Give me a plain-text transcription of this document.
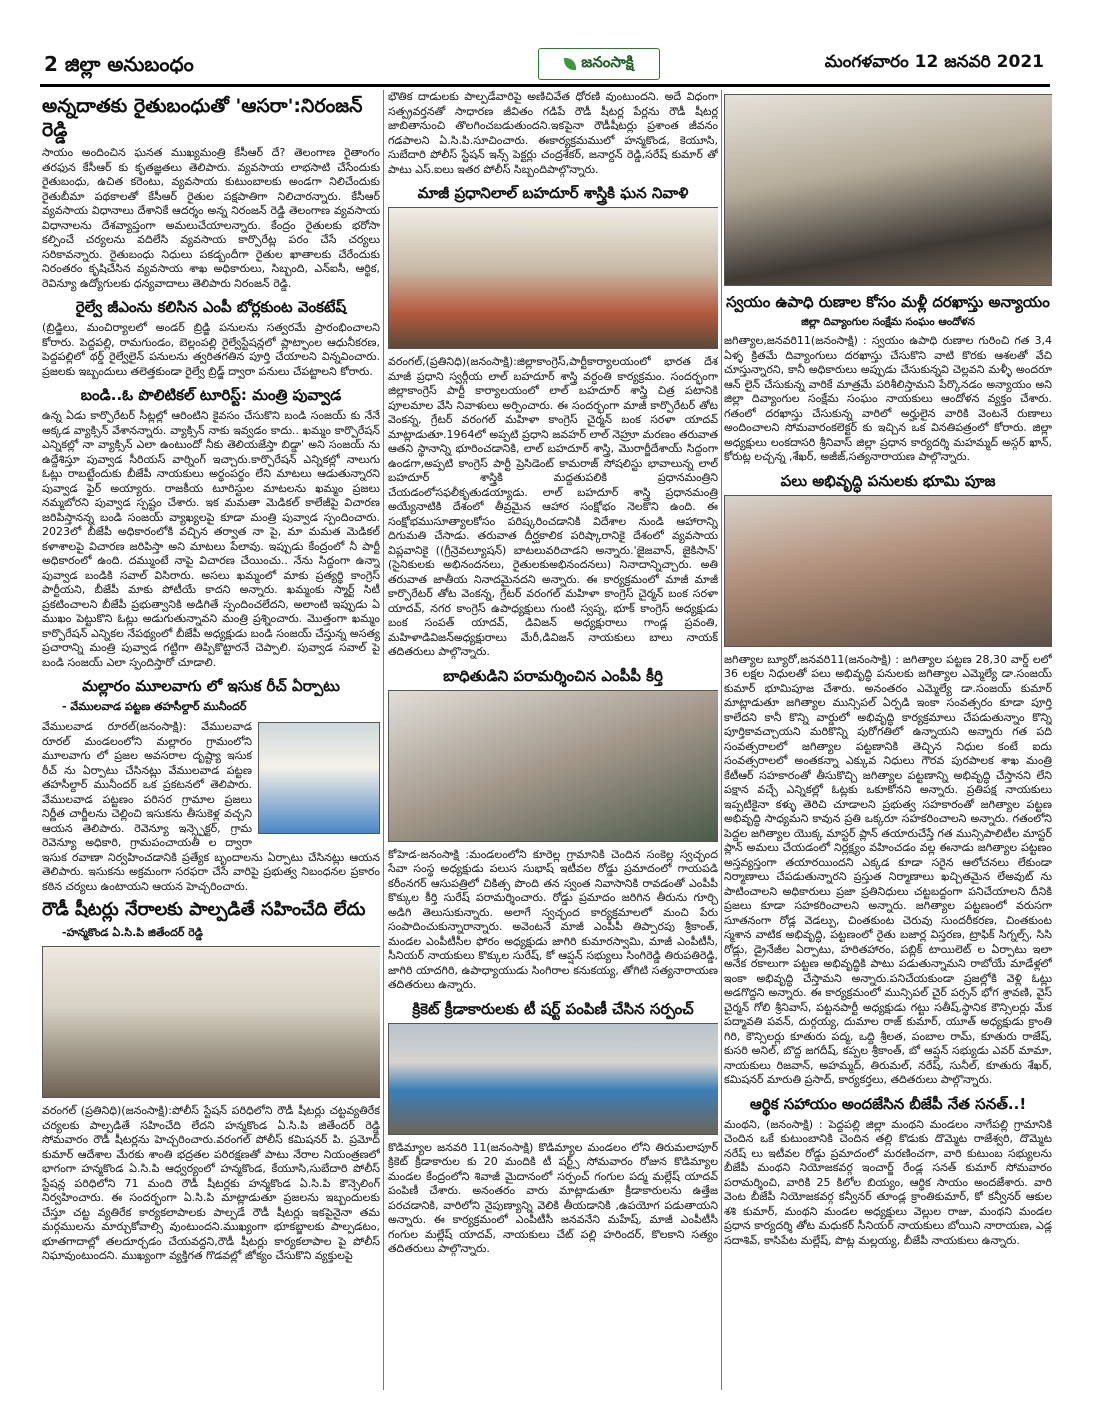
2 జిల్లా అనుబంధం	జనంసాక్షి	మంగళవారం 12 జనవరి 2021
అన్నదాతకు రైతుబంధుతో 'ఆసరా':నిరంజన్ రెడ్డి

సాయం అందించిన ఘనత ముఖ్యమంత్రి కేసీఆర్ దే? తెలంగాణ రైతాంగం తరఫున కేసీఆర్ కు కృతజ్ఞతలు తెలిపారు. వ్యవసాయ లాభసాటి చేసేందుకు రైతుబంధు, ఉచిత కరెంటు, వ్యవసాయ కుటుంబాలకు అండగా నిలిచేందుకు రైతుబీమా పథకాలతో కేసీఆర్ రైతుల పక్షపాతిగా నిలిచారన్నారు. కేసీఆర్ వ్యవసాయ విధానాలు దేశానికే ఆదర్శం అన్న నిరంజన్ రెడ్డి తెలంగాణ వ్యవసాయ విధానాలను దేశవ్యాప్తంగా అమలుచేయాలన్నారు. కేంద్రం రైతులకు భరోసా కల్పించే చర్యలను వదిలేసి వ్యవసాయ కార్పొరేట్ల పరం చేసే చర్యలు సరికావన్నారు. రైతుబంధు నిధులు పకడ్బందీగా రైతుల ఖాతాలకు చేరేందుకు నిరంతరం కృషిచేసిన వ్యవసాయ శాఖ అధికారులు, సిబ్బంది, ఎన్ఐసీ, ఆర్థిక, రెవిన్యూ ఉద్యోగులకు ధన్యవాదాలు తెలిపారు నిరంజన్ రెడ్డి.

రైల్వే జీఎంను కలిసిన ఎంపీ బోర్లకుంట వెంకటేష్

(బ్రిడ్జిలు, మంచిర్యాలలో అండర్ బ్రిడ్జి పనులను సత్వరమే ప్రారంభించాలని కోరారు. పెద్దపల్లి, రామగుండం, బెల్లంపల్లి రైల్వేస్టేషన్లలో ప్లాట్ఫాంల ఆధునీకరణ, పెద్దపల్లిలో థర్డ్ రైల్వేలైన్ పనులను త్వరితగతిన పూర్తి చేయాలని విన్నవించారు. ప్రజలకు ఇబ్బందులు తలెత్తకుండా రైల్వే బ్రిడ్జ్ ద్వారా పనులు చేపట్టాలని కోరారు.

బండి..ఓ పొలిటికల్ టూరిస్ట్: మంత్రి పువ్వాడ

ఉన్న ఏడు కార్పొరేటర్ సీట్లల్లో ఆరింటిని కైవసం చేసుకొని బండి సంజయ్ కు నేనే అక్కడ వ్యాక్సిన్ వేశానన్నారు. వ్యాక్సిన్ నాకు ఇవ్వడం కాదు.. ఖమ్మం కార్పొరేషన్ ఎన్నికల్లో నా వ్యాక్సిన్ ఎలా ఉంటుందో నీకు తెలియజేస్తా బిడ్డా' అని సంజయ్ ను ఉద్దేశిస్తూ పువ్వాడ సీరియస్ వార్నింగ్ ఇచ్చారు.కార్పొరేషన్ ఎన్నికల్లో నాలుగు ఓట్లు రాబట్టేందుకు బీజేపీ నాయకులు అర్థంపర్థం లేని మాటలు ఆడుతున్నారని పువ్వాడ ఫైర్ అయ్యారు. రాజకీయ టూరిస్టుల మాటలను ఖమ్మం ప్రజలు నమ్మబోరని పువ్వాడ స్పష్టం చేశారు. ఇక మమతా మెడికల్ కాలేజీపై విచారణ జరిపిస్తానన్న బండి సంజయ్ వ్యాఖ్యలపై కూడా మంత్రి పువ్వాడ స్పందించారు. 2023లో బీజేపీ అధికారంలోకి వచ్చిన తర్వాత నా పై, మా మమత మెడికల్ కళాశాలపై విచారణ జరిపిస్తా అని మాటలు పేలావు. ఇప్పుడు కేంద్రంలో నీ పార్టీ అధికారంలో ఉంది. దమ్ముంటే నాపై విచారణ చేయించు.. నేను సిద్దంగా ఉన్నా పువ్వాడ బండికి సవాల్ విసిరారు. అసలు ఖమ్మంలో మాకు ప్రత్యర్థి కాంగ్రెస్ పార్టీయని, బీజేపీ మాకు పోటీయే కాదని అన్నారు. ఖమ్మంకు స్మార్ట్ సిటీ ప్రకటించాలని బీజేపీ ప్రభుత్వానికి అడిగితే స్పందించలేదని, అలాంటి ఇప్పుడు ఏ ముఖం పెట్టుకొని ఓట్లు అడుగుతున్నావని మంత్రి ప్రశ్నించారు. మొత్తంగా ఖమ్మం కార్పొరేషన్ ఎన్నికల నేపథ్యంలో బీజేపీ అధ్యక్షుడు బండి సంజయ్ చేస్తున్న అసత్య ప్రచారాన్ని మంత్రి పువ్వాడ గట్టిగా తిప్పికొట్టారనే చెప్పాలి. పువ్వాడ సవాల్ పై బండి సంజయ్ ఎలా స్పందిస్తారో చూడాలి.

మల్లారం మూలవాగు లో ఇసుక రీచ్ ఏర్పాటు
- వేములవాడ పట్టణ తహసీల్దార్ మునీందర్

వేములవాడ రూరల్(జనంసాక్షి): వేములవాడ రూరల్ మండలంలోని మల్లారం గ్రామంలోని మూలవాగు లో ప్రజల అవసరాల దృష్ట్యా ఇసుక రీచ్ ను ఏర్పాటు చేసినట్లు వేములవాడ పట్టణ తహసీల్దార్ మునీందర్ ఒక ప్రకటనలో తెలిపారు. వేములవాడ పట్టణం పరిసర గ్రామాల ప్రజలు నిర్ణీత చార్జీలను చెల్లించి ఇసుకను తీసుకెళ్ల వచ్చని ఆయన తెలిపారు. రెవెన్యూ ఇన్స్పెక్టర్, గ్రామ రెవెన్యూ అధికారి, గ్రామపంచాయతీ ల ద్వారా ఇసుక రవాణా నిర్వహించడానికి ప్రత్యేక బృందాలను ఏర్పాటు చేసినట్లు ఆయన తెలిపారు. ఇసుకను అక్రమంగా సరఫరా చేసే వారిపై ప్రభుత్వ నిబంధనల ప్రకారం కఠిన చర్యలు ఉంటాయని ఆయన హెచ్చరించారు.

రౌడీ షీటర్లు నేరాలకు పాల్పడితే సహించేది లేదు
-హన్మకొండ ఏ.సి.పి జితేందర్ రెడ్డి

వరంగల్ (ప్రతినిధి)(జనంసాక్షి):పోలీస్ స్టేషన్ పరిధిలోని రౌడీ షీటర్లు చట్టవ్యతిరేక చర్యలకు పాల్పడితే సహించేది లేదని హన్మకొండ ఏ.సి.పి జితేందర్ రెడ్డి సోమవారం రౌడీ షీటర్లను హెచ్చరించారు.వరంగల్ పోలీస్ కమిషనర్ పి. ప్రమోద్ కుమార్ ఆదేశాల మేరకు శాంతి భద్రతల పరిరక్షణతో పాటు నేరాల నియంత్రణలో భాగంగా హన్మకొండ ఏ.సి.పి ఆధ్వర్యంలో హన్మకొండ, కేయూసి,సుబేదారి పోలీస్ స్టేషన్ల పరిధిలోని 71 మంది రౌడీ షీటర్లకు హన్మకొండ ఏ.సి.పి కౌన్సెలింగ్ నిర్వహించారు. ఈ సందర్భంగా ఏ.సి.పి మాట్లాడుతూ ప్రజలను ఇబ్బందులకు చేస్తూ చట్ట వ్యతిరేక కార్యకలాపాలకు పాల్పడే రౌడీ షీటర్లు ఇకపైనైనా తమ మర్గములను మార్చుకోవాల్సి వుంటుందని.ముఖ్యంగా భూకబ్జాలకు పాల్పడటం, భూతగాదాల్లో తలదూర్చడం చేయవద్దని,రౌడీ షీటర్లు కార్యకలాపాల పై పోలీస్ నిఘావుంటుందని. ముఖ్యంగా వ్యక్తిగత గొడవల్లో జోక్యం చేసుకొని వ్యక్తులపై

భౌతిక దాడులకు పాల్పడేవారిపై అణిచివేత ధోరణి వుంటుందని. అదే విధంగా సత్ప్రవర్తనతో సాధారణ జీవితం గడిపే రౌడీ షీటర్ల పేర్లను రౌడీ షీటర్ల జాబితానుంచి తొలగించబడుతుందని.ఇకపైనా రౌడీషీటర్లు ప్రశాంత జీవనం గడపాలని ఏ.సి.పి.సూచించారు. ఈకార్యక్రమములో హన్మకొండ, కెయూసి, సుబేదారి పోలీస్ స్టేషన్ ఇన్స్ పెక్టర్లు చంద్రశేకర్, జనార్దన్ రెడ్డి,సరేష్ కుమార్ తో పాటు ఎస్.ఐలు ఇతర పోలీస్ సిబ్బందిపాల్గొన్నారు.

మాజీ ప్రధానిలాల్ బహదూర్ శాస్త్రికి ఘన నివాళి

వరంగల్,(ప్రతినిధి)(జనంసాక్షి):జిల్లాకాంగ్రెస్,పార్టీకార్యాలయంలో భారత దేశ మాజీ ప్రధాని స్వర్గీయ లాల్ బహదూర్ శాస్త్రి వర్ధంతి కార్యక్రమం. సందర్భంగా జిల్లాకాంగ్రెస్ పార్టీ కార్యాలయంలో లాల్ బహదూర్ శాస్త్రి చిత్ర పటానికి పూలమాల వేసి నివాళులు అర్పించారు. ఈ సందర్భంగా మాజీ కార్పొరేటర్ తోట వెంకన్న, గ్రేటర్ వరంగల్ మహిళా కాంగ్రెస్ చైర్మన్ బంక సరళా యాదవ్ మాట్లాడుతూ.1964లో అప్పటి ప్రధాని జవహర్ లాల్ నెహ్రూ మరణం తరువాత ఆతని స్థానాన్ని భూరించడానికి, లాల్ బహదూర్ శాస్త్రి, మొరార్జీదేశాయ్ సిద్దంగా ఉండగా,అప్పటి కాంగ్రెస్ పార్టీ ప్రెసిడెంట్ కామరాజ్ సోషలిస్టు భావాలున్న లాల్ బహదూర్ శాస్త్రికి మద్దతుపలికి ప్రధానమంత్రిని చేయడంలోసఫలీకృతుడయ్యాడు. లాల్ బహదూర్ శాస్త్రి ప్రధానమంత్రి అయ్యేనాటికి దేశంలో తీవ్రమైన ఆహార సంక్షోభం నెలకొని ఉంది. ఈ సంక్షోభముసూత్యాలకోసం పరిష్కరించడానికి విదేశాల నుండి ఆహారాన్ని దిగుమతి చేసాడు. తరువాత దీర్ఘకాలిక పరిష్కారానికై దేశంలో వ్యవసాయ విప్లవానికై ((గ్రీన్రెవల్యూషన్) బాటలువరిచాడని అన్నారు.'జైజవాన్, జైకిసాన్' (సైనికులకు అభినందనలు, రైతులకుఅభినందనలు) నినాదాన్నిచ్చారు. అతి తరువాత జాతీయ నినాదమైనదని అన్నారు. ఈ కార్యక్రమంలో మాజీ మాజీ కార్పొరేటర్ తోట వెంకన్న, గ్రేటర్ వరంగల్ మహిళా కాంగ్రెస్ చైర్మన్ బంక సరళా యాదవ్, నగర కాంగ్రెస్ ఉపాధ్యక్షులు గుంటి స్వప్న, భూక్ కాంగ్రెస్ అధ్యక్షుడు బంక సంపత్ యాదవ్, డివిజన్ అధ్యక్షురాలు గాండ్ల ప్రవంతి, మహిళాడివిజన్అధ్యక్షురాలు మేరీ,డివిజన్ నాయకులు బాలు నాయక్ తదితరులు పాల్గొన్నారు.

బాధితుడిని పరామర్శించిన ఎంపీపీ కీర్తి

కోహెడ-జనంసాక్షి :మండలంలోని కూరెల్ల గ్రామానికి చెందిన సంకెల్ల స్వచ్ఛంద సేవా సంస్థ అధ్యక్షుడు పలుస సుభాష్ ఇటీవల రోడ్డు ప్రమాదంలో గాయపడి కరీంనగర్ ఆసుపత్రిలో చికిత్స పొంది తన స్వంత నివాసానికి రావడంతో ఎంపీపీ కొక్కుల కీర్తి సురేష్ పరామర్శించారు. రోడ్డు ప్రమాదం జరిగిన తీరును గూర్చి అడిగి తెలుసుకున్నారు. అలాగే స్వచ్ఛంద కార్యక్రమాలలో మంచి పేరు సంపాదించుకున్నారాన్నారు. అవెంటనే మాజీ ఎంపీపీ తిప్పారపు శ్రీకాంత్, మండల ఎంపీటీసీల ఫోరం అధ్యక్షుడు జాగిరి కుమారస్వామి, మాజీ ఎంపీటీసీ, సీనియర్ నాయకులు కొక్కుల సురేష్, కో ఆప్షన్ సభ్యులు సింగిరెడ్డి తిరుపతిరెడ్డి, జాగిరి యాదగిరి, ఉపాధ్యాయుడు సింగిరాల కనుకయ్య, తోగిటి సత్యనారాయణ తదితరులు ఉన్నారు.

క్రికెట్ క్రీడాకారులకు టీ షర్ట్ పంపిణీ చేసిన సర్పంచ్

కొడిమ్యాల జనవరి 11(జనంసాక్షి) కొడిమ్యాల మండలం లోని తిరుమలాపూర్ క్రికెట్ క్రీడాకారుల కు 20 మందికి టీ షర్ట్స్ సోమవారం రోజున కొడిమ్యాల మండల కేంద్రంలోని శివాజీ మైదానంలో సర్పంచ్ గంగుల పద్మ మల్లేష్ యాదవ్ పంపిణీ చేశారు. అనంతరం వారు మాట్లాడుతూ క్రీడాకారులను ఉత్తేజ పరచడానికి, వారిలోని నైపుణ్యాన్ని వెలికి తీయడానికి ,ఉపయోగ పడుతాయని అన్నారు. ఈ కార్యక్రమంలో ఎంపీటీసీ జనవనేని మహేష్, మాజీ ఎంపీటీసీ గంగుల మల్లేష్ యాదవ్, నాయకులు చేట్ పల్లి హరిందర్, కొలకాని సత్యం తదితరులు పాల్గొన్నారు.

స్వయం ఉపాధి రుణాల కోసం మళ్లీ దరఖాస్తు అన్యాయం
జిల్లా దివ్యాంగుల సంక్షేమ సంఘం ఆందోళన

జగిత్యాల,జనవరి11(జనంసాక్షి) : స్వయం ఉపాధి రుణాల గురించి గత 3,4 ఏళ్ళ క్రితమే దివ్యాంగులు దరఖాస్తు చేసుకొని వాటి కొరకు ఆశలతో వేచి చూస్తున్నారని, కానీ అధికారులు అప్పుడు చేసుకున్నవి చెల్లవని మళ్ళీ అందరూ ఆన్ లైన్ చేసుకున్న వారికే మాత్రమే పరిశీలిస్తామని పేర్కొనడం అన్యాయం అని జిల్లా దివ్యాంగుల సంక్షేమ సంఘం నాయకులు ఆందోళన వ్యక్తం చేశారు. గతంలో దరఖాస్తు చేసుకున్న వారిలో అర్హులైన వారికి వెంటనే రుణాలు అందించాలని సోమవారంకలెక్టర్ కు ఇచ్చిన ఒక వినతిపత్రంలో కోరారు. జిల్లా అధ్యక్షులు లంకదాసరి శ్రీనివాస్ జిల్లా ప్రధాన కార్యదర్శి మహమ్మద్ అస్గర్ ఖాన్, కోరుట్ల లచ్చన్న ,శేఖర్, అజీజ్,సత్యనారాయణ పాల్గొన్నారు.

పలు అభివృద్ధి పనులకు భూమి పూజ

జగిత్యాల బ్యూరో,జనవరి11(జనంసాక్షి) : జగిత్యాల పట్టణ 28,30 వార్డ్ లలో 36 లక్షల నిధులతో పలు అభివృద్ధి పనులకు జగిత్యాల ఎమ్మెల్యే డా.సంజయ్ కుమార్ భూమిపూజ చేశారు. అనంతరం ఎమ్మెల్యే డా.సంజయ్ కుమార్ మాట్లాడుతూ జగిత్యాల మున్సిపల్ ఏర్పడి ఇంకా సంవత్సరం కూడా పూర్తి కాలేదని కానీ కొన్ని వార్డులో అభివృద్ధి కార్యక్రమాలు చేపడుతున్నాం కొన్ని పూర్తికావచ్చాయని మరికొన్ని పురోగతిలో ఉన్నాయని అన్నారు గత పది సంవత్సరాలలో జగిత్యాల పట్టణానికి తెచ్చిన నిధుల కంటే ఐదు సంవత్సరాలలో అంతకన్నా ఎక్కువ నిధులు గౌరవ పురపాలక శాఖ మంత్రి కేటీఆర్ సహకారంతో తీసుకొచ్చి జగిత్యాల పట్టణాన్ని అభివృద్ధి చేస్తానని లేని పక్షాన వచ్చే ఎన్నికల్లో ఓట్లకు ఒకూకోనని అన్నారు. ప్రతిపక్ష నాయకులు ఇప్పటికైనా కళ్ళు తెరిచి చూడాలని ప్రభుత్వ సహకారంతో జగిత్యాల పట్టణ అభివృద్ధి సాధ్యమని కావున ప్రతి ఒక్కరూ సహకరించాలని అన్నారు. గతంలోని పెద్దల జగిత్యాల యొక్క మాస్టర్ ప్లాన్ తయారుచేస్తే గత మున్సిపాలిటీల మాస్టర్ ప్లాన్ అమలు చేయడంలో నిర్లక్ష్యం వహించడం వల్ల ఈనాడు జగిత్యాల పట్టణం అస్తవ్యస్తంగా తయారయిందని ఎక్కడ కూడా సరైన ఆలోచనలు లేకుండా నిర్మాణాలు చేపడుతున్నారని ప్రస్తుత నిర్మాణాలు ఖచ్చితమైన లేఅవుట్ ను పాటించాలని అధికారులు ప్రజా ప్రతినిధులు చట్టబద్దంగా పనిచేయాలని దీనికి ప్రజలు కూడా సహకరించాలని అన్నారు. జగిత్యాల పట్టణంలో వరుసగా సూతనంగా రోడ్ల వెడల్పు, చింతకుంట చెరువు సుందరీకరణ, చింతకుంట స్మశాన వాటిక అభివృద్ధి, పట్టణంలో రైతు బజార్ల విస్తరణ, ట్రాఫిక్ సిగ్నల్స్, సిసి రోడ్లు, డ్రైనేజీల ఏర్పాటు, హరితహారం, పబ్లిక్ టాయిలెట్ ల ఏర్పాటు ఇలా అనేక రకాలుగా పట్టణ అభివృద్ధికి పాటు పడుతున్నామని రాబోయే మాడేళ్లలో ఇంకా అభివృద్ధి చేస్తామని అన్నారు.పనిచేయకుండా ప్రజల్లోకి వెళ్లి ఓట్లు అడగొద్దని అన్నారు. ఈ కార్యక్రమంలో మున్సిపల్ చైర్ పర్సన్ భోగ శ్రావణి, వైస్ చైర్మన్ గోలి శ్రీనివాస్, పట్టనపార్టీ అధ్యక్షుడు గట్టు సతీష్,స్థానిక కౌన్సిలర్లు మేక పద్మావతి పవన్, దుర్గయ్య, దుమాల రాజ్ కుమార్, యూత్ అధ్యక్షుడు క్రాంతి గిరి, కౌన్సిలర్లు కూతురు పద్మ, ఒద్ది శ్రీలత, పంబాల రామ్, కూతురు రాజేష్, కుసరి అనిల్, బొద్ద జగదీష్, కప్పల శ్రీకాంత్, బో ఆప్షన్ సభ్యుడు ఎవర్ మామా, నాయకులు రిజవాన్, అహమ్మద్, తిరుమల్, నరేష్, సునీల్, కూతురు శేఖర్, కమిషనర్ మారుతి ప్రసాద్, కార్యకర్తలు, తదితరులు పాల్గొన్నారు.

ఆర్థిక సహాయం అందజేసిన బీజేపీ నేత సనత్..!

మంథని, (జనంసాక్షి) : పెద్దపల్లి జిల్లా మంథని మండలం నాగేపల్లి గ్రామానికి చెందిన ఒకే కుటుంబానికి చెందిన తల్లి కొడుకు దొమ్మెట రాజేశ్వరి, దొమ్మెట నరేష్ లు ఇటీవల రోడ్డు ప్రమాదంలో మరణించగా, వారి కుటుంబ సభ్యులను బీజేపీ మంథని నియోజకవర్గ ఇంచార్జ్ రేండ్ల సనత్ కుమార్ సోమవారం పరామర్శించి, వారికి 25 కిలోల బియ్యం, ఆర్థిక సాయం అందజేశారు. వారి వెంట బీజేపీ నియోజకవర్గ కన్వీనర్ తూండ్ల క్రాంతికుమార్, కో కన్వీనర్ ఆకుల శశి కుమార్, మంథని మండల అధ్యక్షులు వెల్లుల రాజు, మంథని మండల ప్రధాన కార్యదర్శి తోట మధుకర్ సీనియర్ నాయకులు బోయిని నారాయణ, ఎడ్ల సదాశివ్, కాసిపేట మల్లేష్, పొట్ల మల్లయ్య, బీజేపీ నాయకులు ఉన్నారు.
